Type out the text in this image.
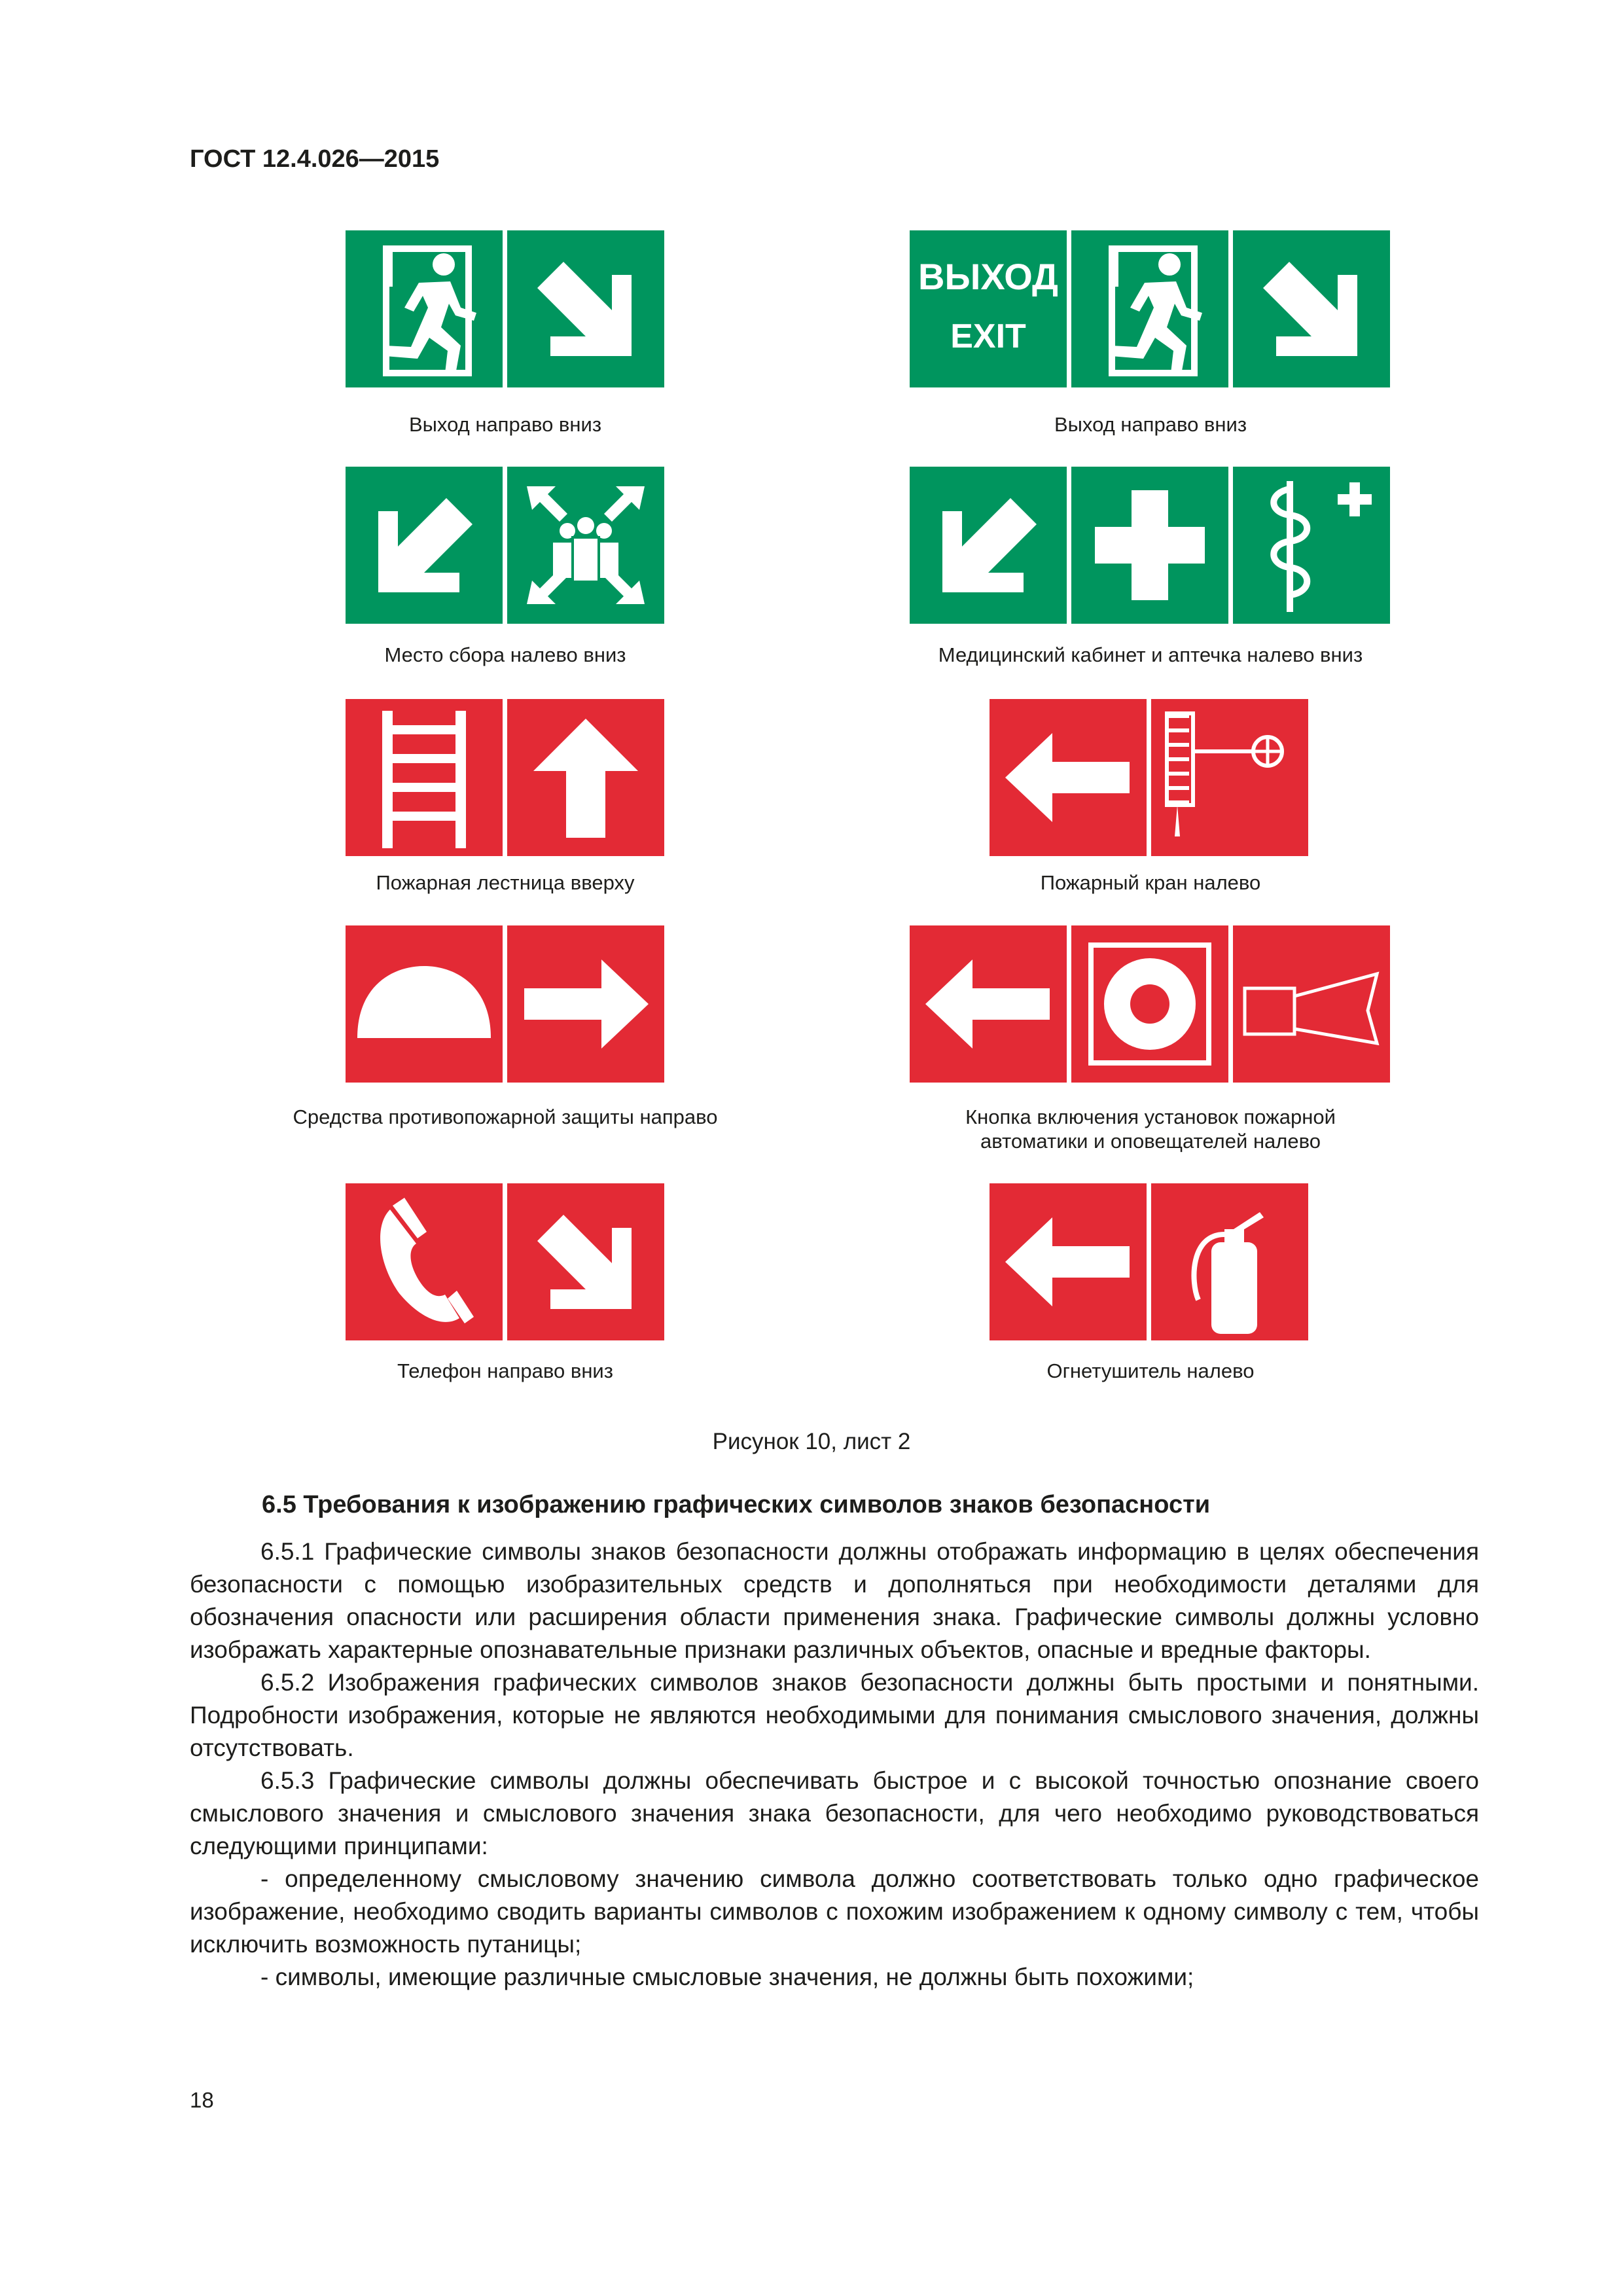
ГОСТ 12.4.026—2015
Выход направо вниз
ВЫХОД
EXIT
Выход направо вниз
Место сбора налево вниз	Медицинский кабинет и аптечка налево вниз
Пожарная лестница вверху	Пожарный кран налево
Средства противопожарной защиты направо	Кнопка включения установок пожарной
автоматики и оповещателей налево
Телефон направо вниз	Огнетушитель налево
Рисунок 10, лист 2
6.5 Требования к изображению графических символов знаков безопасности

6.5.1 Графические символы знаков безопасности должны отображать информацию в целях обеспечения безопасности с помощью изобразительных средств и дополняться при необходимости деталями для обозначения опасности или расширения области применения знака. Графические символы должны условно изображать характерные опознавательные признаки различных объектов, опасные и вредные факторы.

6.5.2 Изображения графических символов знаков безопасности должны быть простыми и понятными. Подробности изображения, которые не являются необходимыми для понимания смыслового значения, должны отсутствовать.

6.5.3 Графические символы должны обеспечивать быстрое и с высокой точностью опознание своего смыслового значения и смыслового значения знака безопасности, для чего необходимо руководствоваться следующими принципами:

- определенному смысловому значению символа должно соответствовать только одно графическое изображение, необходимо сводить варианты символов с похожим изображением к одному символу с тем, чтобы исключить возможность путаницы;

- символы, имеющие различные смысловые значения, не должны быть похожими;

18
